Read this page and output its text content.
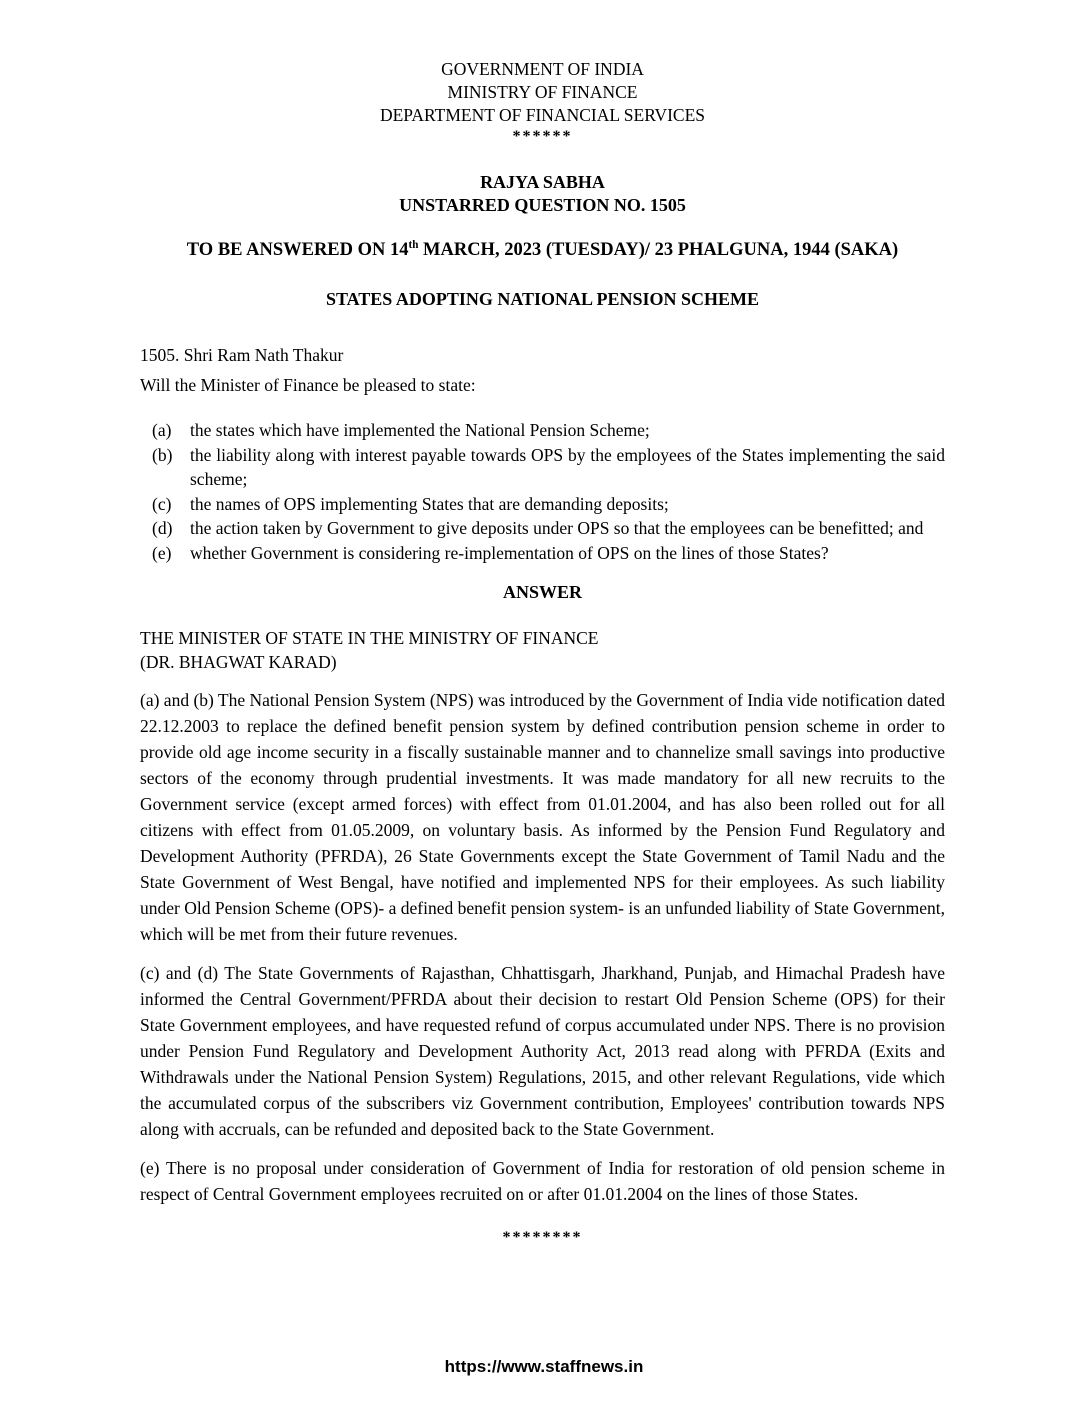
GOVERNMENT OF INDIA
MINISTRY OF FINANCE
DEPARTMENT OF FINANCIAL SERVICES
******
RAJYA SABHA
UNSTARRED QUESTION NO. 1505
TO BE ANSWERED ON 14th MARCH, 2023 (TUESDAY)/ 23 PHALGUNA, 1944 (SAKA)
STATES ADOPTING NATIONAL PENSION SCHEME
1505. Shri Ram Nath Thakur
Will the Minister of Finance be pleased to state:
(a)	the states which have implemented the National Pension Scheme;
(b)	the liability along with interest payable towards OPS by the employees of the States implementing the said scheme;
(c)	the names of OPS implementing States that are demanding deposits;
(d)	the action taken by Government to give deposits under OPS so that the employees can be benefitted; and
(e)	whether Government is considering re-implementation of OPS on the lines of those States?
ANSWER
THE MINISTER OF STATE IN THE MINISTRY OF FINANCE
(DR. BHAGWAT KARAD)

(a) and (b) The National Pension System (NPS) was introduced by the Government of India vide notification dated 22.12.2003 to replace the defined benefit pension system by defined contribution pension scheme in order to provide old age income security in a fiscally sustainable manner and to channelize small savings into productive sectors of the economy through prudential investments. It was made mandatory for all new recruits to the Government service (except armed forces) with effect from 01.01.2004, and has also been rolled out for all citizens with effect from 01.05.2009, on voluntary basis. As informed by the Pension Fund Regulatory and Development Authority (PFRDA), 26 State Governments except the State Government of Tamil Nadu and the State Government of West Bengal, have notified and implemented NPS for their employees. As such liability under Old Pension Scheme (OPS)- a defined benefit pension system- is an unfunded liability of State Government, which will be met from their future revenues.

(c) and (d) The State Governments of Rajasthan, Chhattisgarh, Jharkhand, Punjab, and Himachal Pradesh have informed the Central Government/PFRDA about their decision to restart Old Pension Scheme (OPS) for their State Government employees, and have requested refund of corpus accumulated under NPS. There is no provision under Pension Fund Regulatory and Development Authority Act, 2013 read along with PFRDA (Exits and Withdrawals under the National Pension System) Regulations, 2015, and other relevant Regulations, vide which the accumulated corpus of the subscribers viz Government contribution, Employees' contribution towards NPS along with accruals, can be refunded and deposited back to the State Government.

(e) There is no proposal under consideration of Government of India for restoration of old pension scheme in respect of Central Government employees recruited on or after 01.01.2004 on the lines of those States.

********
https://www.staffnews.in
